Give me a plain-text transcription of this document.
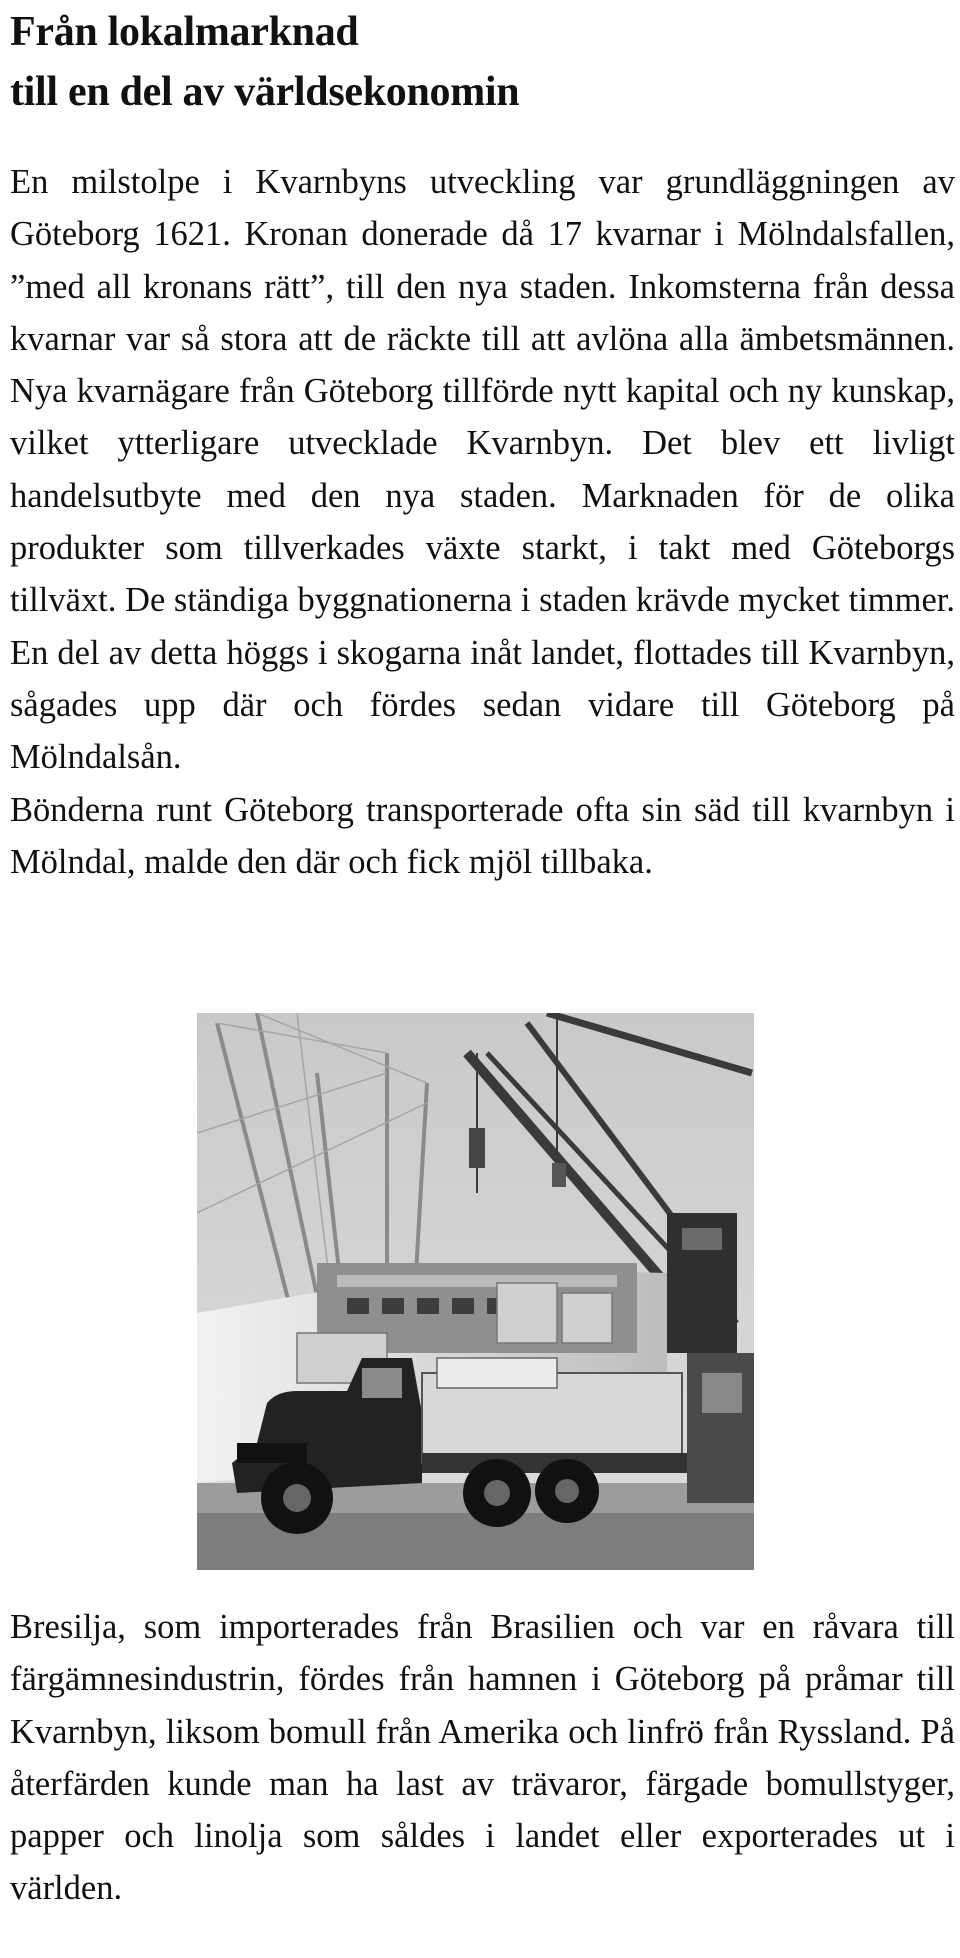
Från lokalmarknad
till en del av världsekonomin

En milstolpe i Kvarnbyns utveckling var grundläggningen av Göteborg 1621. Kronan donerade då 17 kvarnar i Mölndalsfallen, ”med all kronans rätt”, till den nya staden. Inkomsterna från dessa kvarnar var så stora att de räckte till att avlöna alla ämbetsmännen. Nya kvarnägare från Göteborg tillförde nytt kapital och ny kunskap, vilket ytterligare utvecklade Kvarnbyn. Det blev ett livligt handelsutbyte med den nya staden. Marknaden för de olika produkter som tillverkades växte starkt, i takt med Göteborgs tillväxt. De ständiga byggnationerna i staden krävde mycket timmer. En del av detta höggs i skogarna inåt landet, flottades till Kvarnbyn, sågades upp där och fördes sedan vidare till Göteborg på Mölndalsån.

Bönderna runt Göteborg transporterade ofta sin säd till kvarnbyn i Mölndal, malde den där och fick mjöl tillbaka.

Bresilja, som importerades från Brasilien och var en råvara till färgämnesindustrin, fördes från hamnen i Göteborg på pråmar till Kvarnbyn, liksom bomull från Amerika och linfrö från Ryssland. På återfärden kunde man ha last av trävaror, färgade bomullstyger, papper och linolja som såldes i landet eller exporterades ut i världen.
